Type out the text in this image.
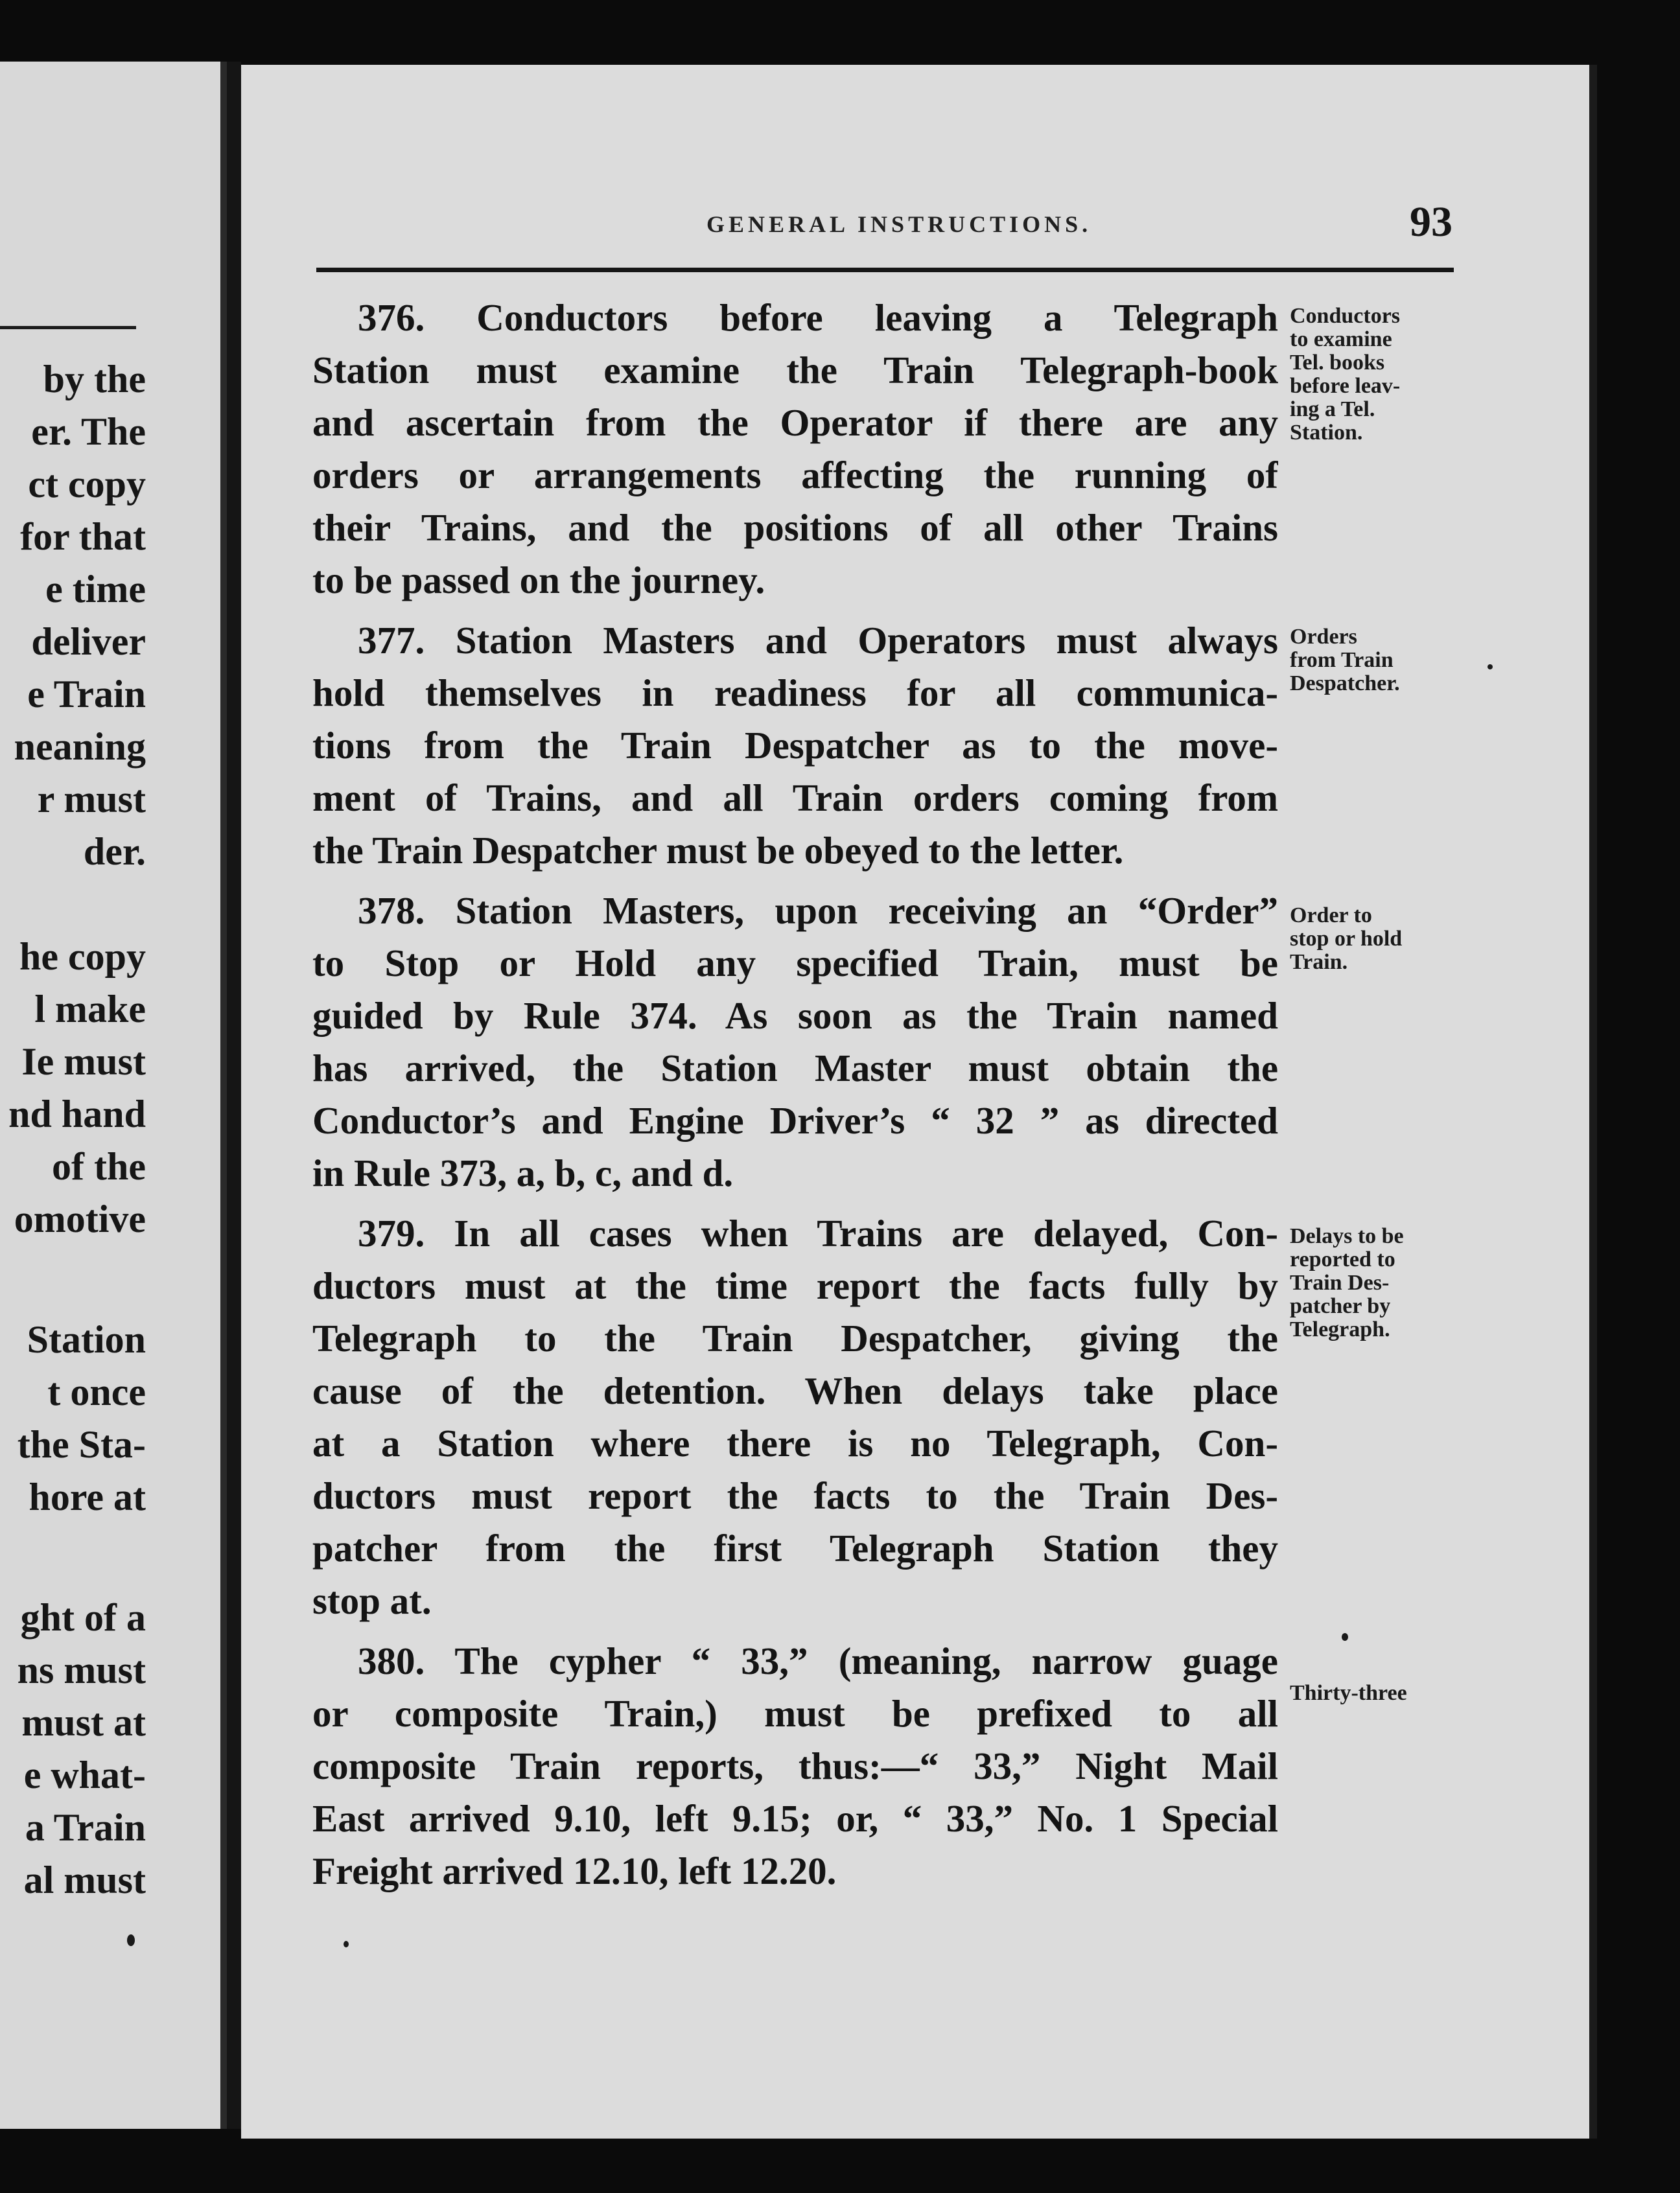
by the
er. The
ct copy
for that
e time
deliver
e Train
neaning
r must
der.
he copy
l make
Ie must
nd hand
of the
omotive
Station
t once
the Sta-
hore at
ght of a
ns must
must at
e what-
a Train
al must
GENERAL INSTRUCTIONS.	93
376. Conductors before leaving a Telegraph
Station must examine the Train Telegraph-book
and ascertain from the Operator if there are any
orders or arrangements affecting the running of
their Trains, and the positions of all other Trains
to be passed on the journey.
377. Station Masters and Operators must always
hold themselves in readiness for all communica-
tions from the Train Despatcher as to the move-
ment of Trains, and all Train orders coming from
the Train Despatcher must be obeyed to the letter.
378. Station Masters, upon receiving an “Order”
to Stop or Hold any specified Train, must be
guided by Rule 374. As soon as the Train named
has arrived, the Station Master must obtain the
Conductor’s and Engine Driver’s “ 32 ” as directed
in Rule 373, a, b, c, and d.
379. In all cases when Trains are delayed, Con-
ductors must at the time report the facts fully by
Telegraph to the Train Despatcher, giving the
cause of the detention. When delays take place
at a Station where there is no Telegraph, Con-
ductors must report the facts to the Train Des-
patcher from the first Telegraph Station they
stop at.
380. The cypher “ 33,” (meaning, narrow guage
or composite Train,) must be prefixed to all
composite Train reports, thus:—“ 33,” Night Mail
East arrived 9.10, left 9.15; or, “ 33,” No. 1 Special
Freight arrived 12.10, left 12.20.
Conductors
to examine
Tel. books
before leav-
ing a Tel.
Station.
Orders
from Train
Despatcher.
Order to
stop or hold
Train.
Delays to be
reported to
Train Des-
patcher by
Telegraph.
Thirty-three
